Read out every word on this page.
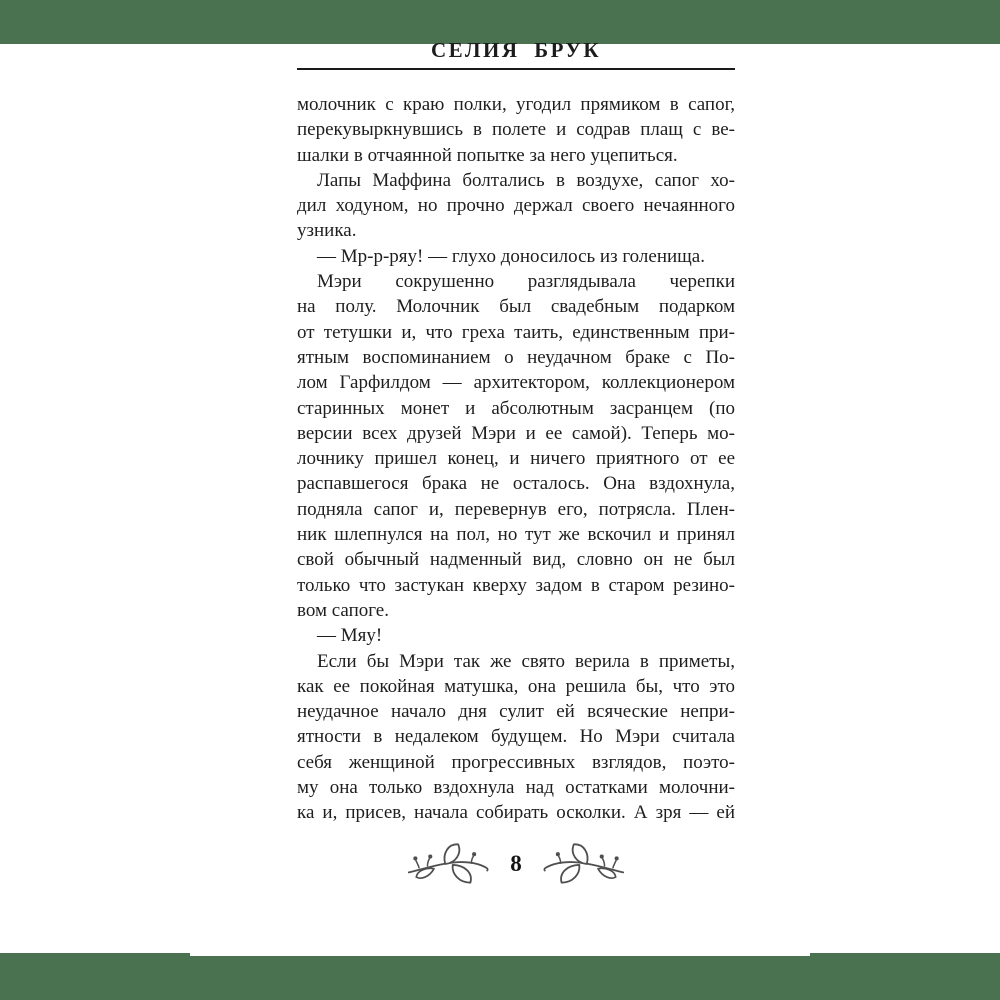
СЕЛИЯ БРУК
молочник с краю полки, угодил прямиком в сапог,
перекувыркнувшись в полете и содрав плащ с ве-
шалки в отчаянной попытке за него уцепиться.
Лапы Маффина болтались в воздухе, сапог хо-
дил ходуном, но прочно держал своего нечаянного
узника.
— Мр-р-ряу! — глухо доносилось из голенища.
Мэри сокрушенно разглядывала черепки
на полу. Молочник был свадебным подарком
от тетушки и, что греха таить, единственным при-
ятным воспоминанием о неудачном браке с По-
лом Гарфилдом — архитектором, коллекционером
старинных монет и абсолютным засранцем (по
версии всех друзей Мэри и ее самой). Теперь мо-
лочнику пришел конец, и ничего приятного от ее
распавшегося брака не осталось. Она вздохнула,
подняла сапог и, перевернув его, потрясла. Плен-
ник шлепнулся на пол, но тут же вскочил и принял
свой обычный надменный вид, словно он не был
только что застукан кверху задом в старом резино-
вом сапоге.
— Мяу!
Если бы Мэри так же свято верила в приметы,
как ее покойная матушка, она решила бы, что это
неудачное начало дня сулит ей всяческие непри-
ятности в недалеком будущем. Но Мэри считала
себя женщиной прогрессивных взглядов, поэто-
му она только вздохнула над остатками молочни-
ка и, присев, начала собирать осколки. А зря — ей
8
